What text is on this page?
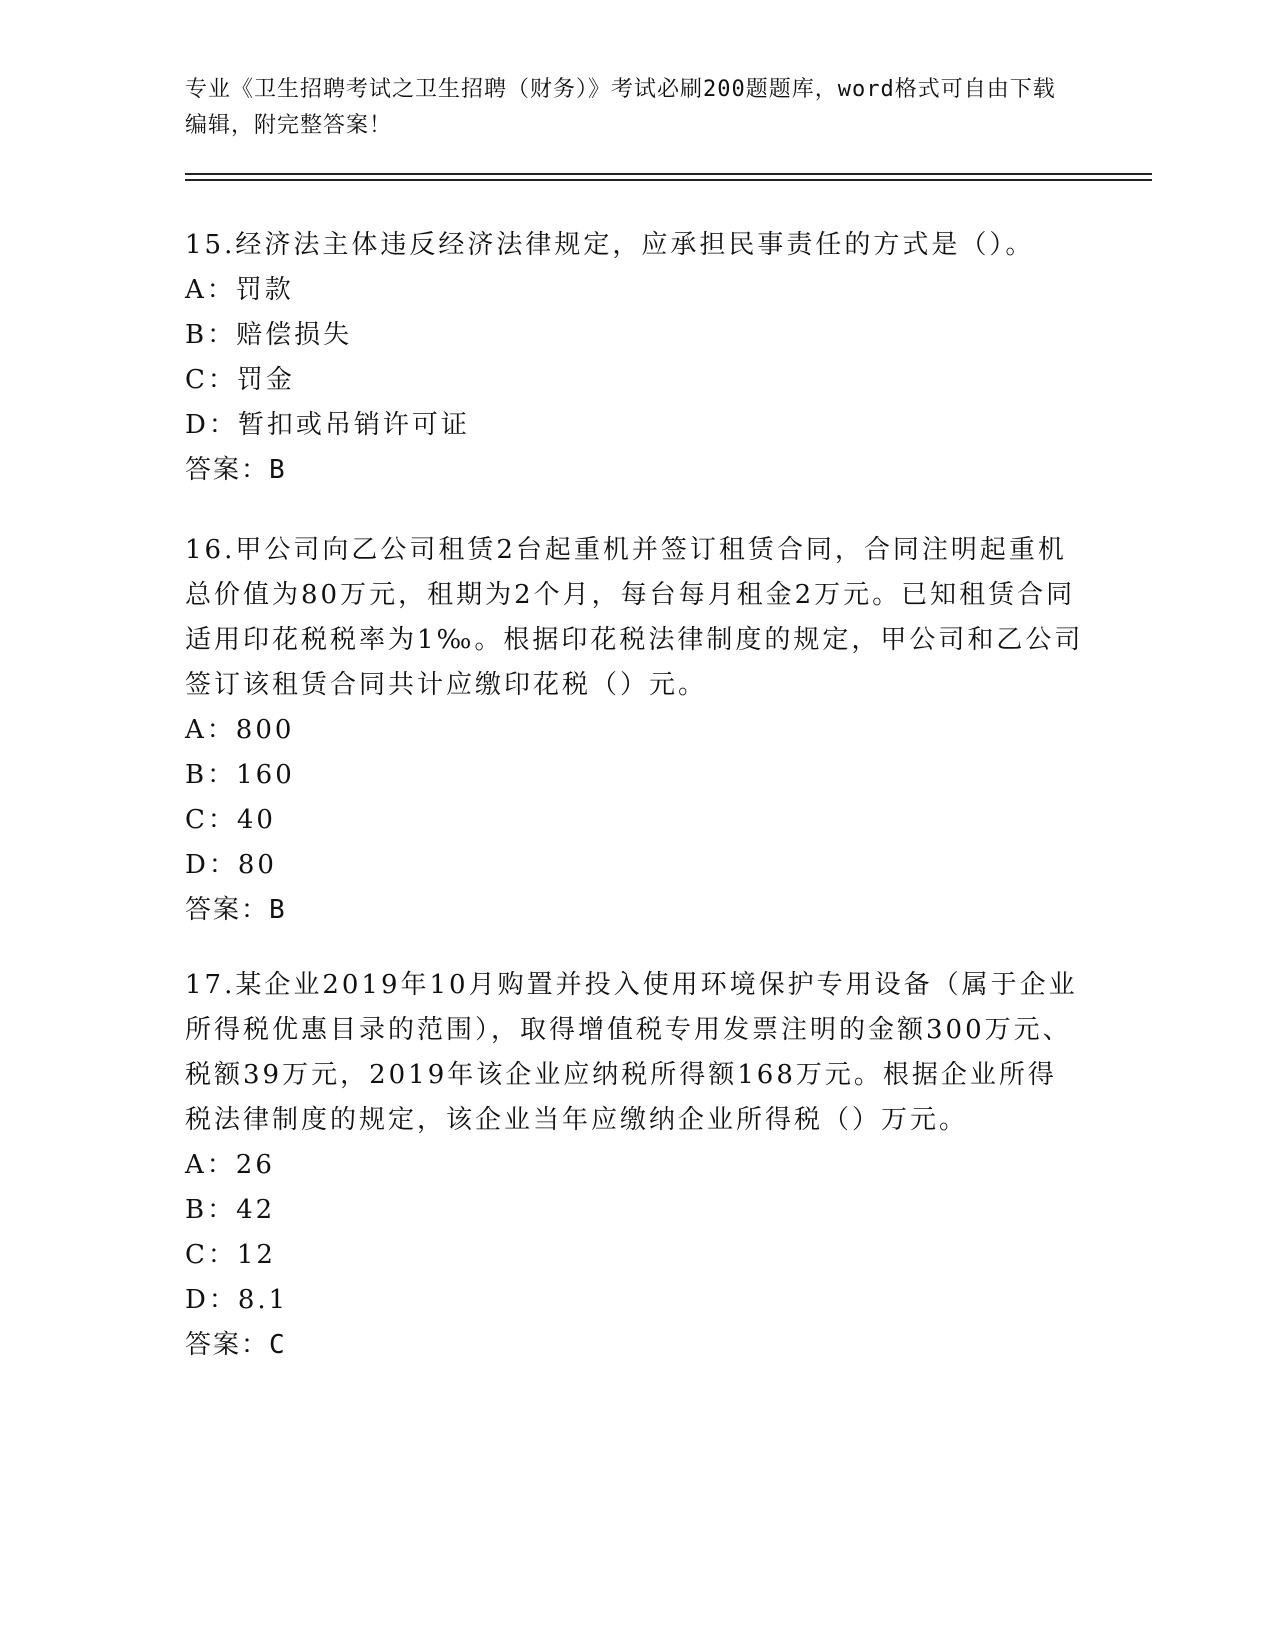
专业《卫生招聘考试之卫生招聘（财务）》考试必刷200题题库，word格式可自由下载编辑，附完整答案！
15.经济法主体违反经济法律规定，应承担民事责任的方式是（）。
A：罚款
B：赔偿损失
C：罚金
D：暂扣或吊销许可证
答案：B
16.甲公司向乙公司租赁2台起重机并签订租赁合同，合同注明起重机总价值为80万元，租期为2个月，每台每月租金2万元。已知租赁合同适用印花税税率为1‰。根据印花税法律制度的规定，甲公司和乙公司签订该租赁合同共计应缴印花税（）元。
A：800
B：160
C：40
D：80
答案：B
17.某企业2019年10月购置并投入使用环境保护专用设备（属于企业所得税优惠目录的范围），取得增值税专用发票注明的金额300万元、税额39万元，2019年该企业应纳税所得额168万元。根据企业所得税法律制度的规定，该企业当年应缴纳企业所得税（）万元。
A：26
B：42
C：12
D：8.1
答案：C
